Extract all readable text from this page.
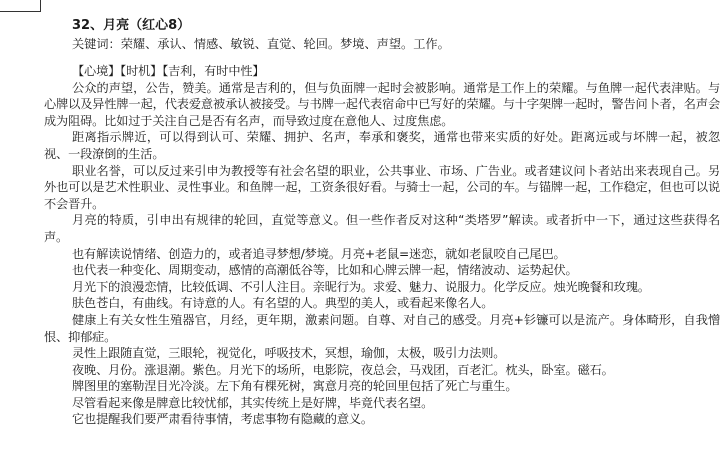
32、月亮（红心8）
关键词：荣耀、承认、情感、敏锐、直觉、轮回。梦境、声望。工作。

【心境】【时机】【吉利，有时中性】

公众的声望，公告，赞美。通常是吉利的，但与负面牌一起时会被影响。通常是工作上的荣耀。与鱼牌一起代表津贴。与心牌以及异性牌一起，代表爱意被承认被接受。与书牌一起代表宿命中已写好的荣耀。与十字架牌一起时，警告问卜者，名声会成为阻碍。比如过于关注自己是否有名声，而导致过度在意他人、过度焦虑。

距离指示牌近，可以得到认可、荣耀、拥护、名声，奉承和褒奖，通常也带来实质的好处。距离远或与坏牌一起，被忽视、一段潦倒的生活。

职业名誉，可以反过来引申为教授等有社会名望的职业，公共事业、市场、广告业。或者建议问卜者站出来表现自己。另外也可以是艺术性职业、灵性事业。和鱼牌一起，工资条很好看。与骑士一起，公司的车。与锚牌一起，工作稳定，但也可以说不会晋升。

月亮的特质，引申出有规律的轮回，直觉等意义。但一些作者反对这种“类塔罗”解读。或者折中一下，通过这些获得名声。

也有解读说情绪、创造力的，或者追寻梦想/梦境。月亮+老鼠=迷恋，就如老鼠咬自己尾巴。

也代表一种变化、周期变动，感情的高潮低谷等，比如和心牌云牌一起，情绪波动、运势起伏。

月光下的浪漫恋情，比较低调、不引人注目。亲昵行为。求爱、魅力、说服力。化学反应。烛光晚餐和玫瑰。

肤色苍白，有曲线。有诗意的人。有名望的人。典型的美人，或看起来像名人。

健康上有关女性生殖器官，月经，更年期，激素问题。自尊、对自己的感受。月亮+钐镰可以是流产。身体畸形，自我憎恨、抑郁症。

灵性上跟随直觉，三眼轮，视觉化，呼吸技术，冥想，瑜伽，太极，吸引力法则。

夜晚、月份。涨退潮。紫色。月光下的场所，电影院，夜总会，马戏团，百老汇。枕头，卧室。磁石。

牌图里的塞勒涅目光冷淡。左下角有棵死树，寓意月亮的轮回里包括了死亡与重生。

尽管看起来像是牌意比较忧郁，其实传统上是好牌，毕竟代表名望。

它也提醒我们要严肃看待事情，考虑事物有隐藏的意义。
